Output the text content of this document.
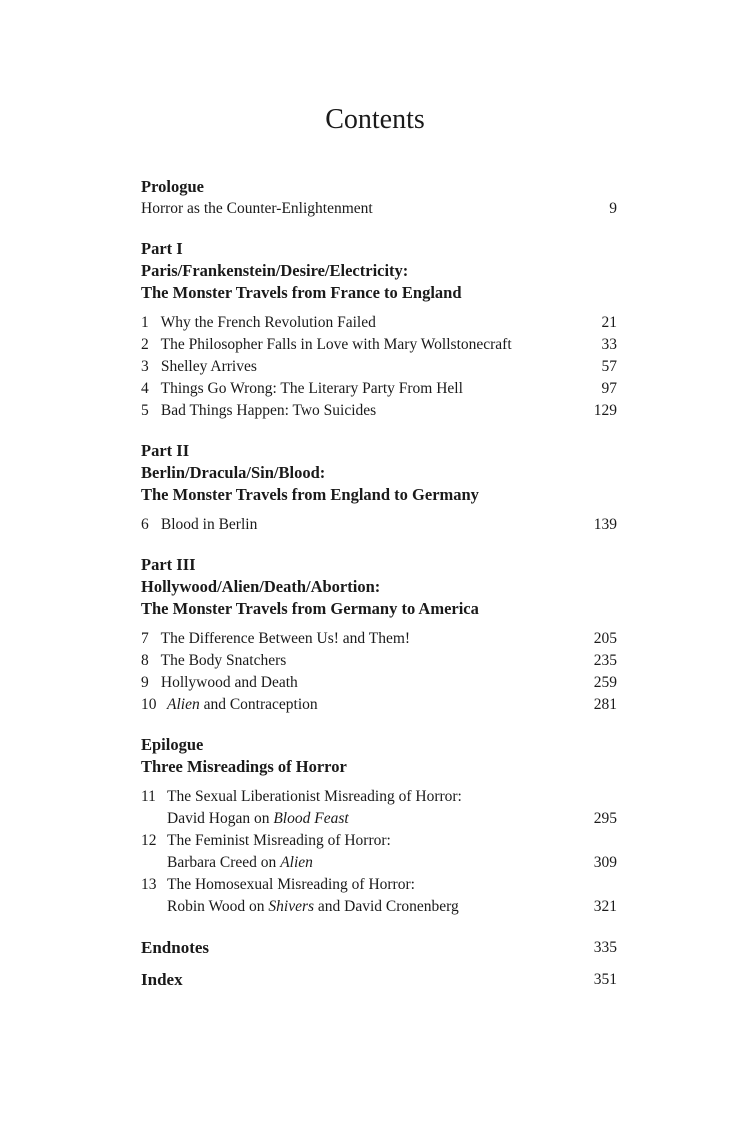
Contents
Prologue
Horror as the Counter-Enlightenment	9
Part I
Paris/Frankenstein/Desire/Electricity:
The Monster Travels from France to England
1 Why the French Revolution Failed	21
2 The Philosopher Falls in Love with Mary Wollstonecraft	33
3 Shelley Arrives	57
4 Things Go Wrong: The Literary Party From Hell	97
5 Bad Things Happen: Two Suicides	129
Part II
Berlin/Dracula/Sin/Blood:
The Monster Travels from England to Germany
6 Blood in Berlin	139
Part III
Hollywood/Alien/Death/Abortion:
The Monster Travels from Germany to America
7 The Difference Between Us! and Them!	205
8 The Body Snatchers	235
9 Hollywood and Death	259
10 Alien and Contraception	281
Epilogue
Three Misreadings of Horror
11 The Sexual Liberationist Misreading of Horror:
David Hogan on Blood Feast	295
12 The Feminist Misreading of Horror:
Barbara Creed on Alien	309
13 The Homosexual Misreading of Horror:
Robin Wood on Shivers and David Cronenberg	321
Endnotes	335
Index	351
